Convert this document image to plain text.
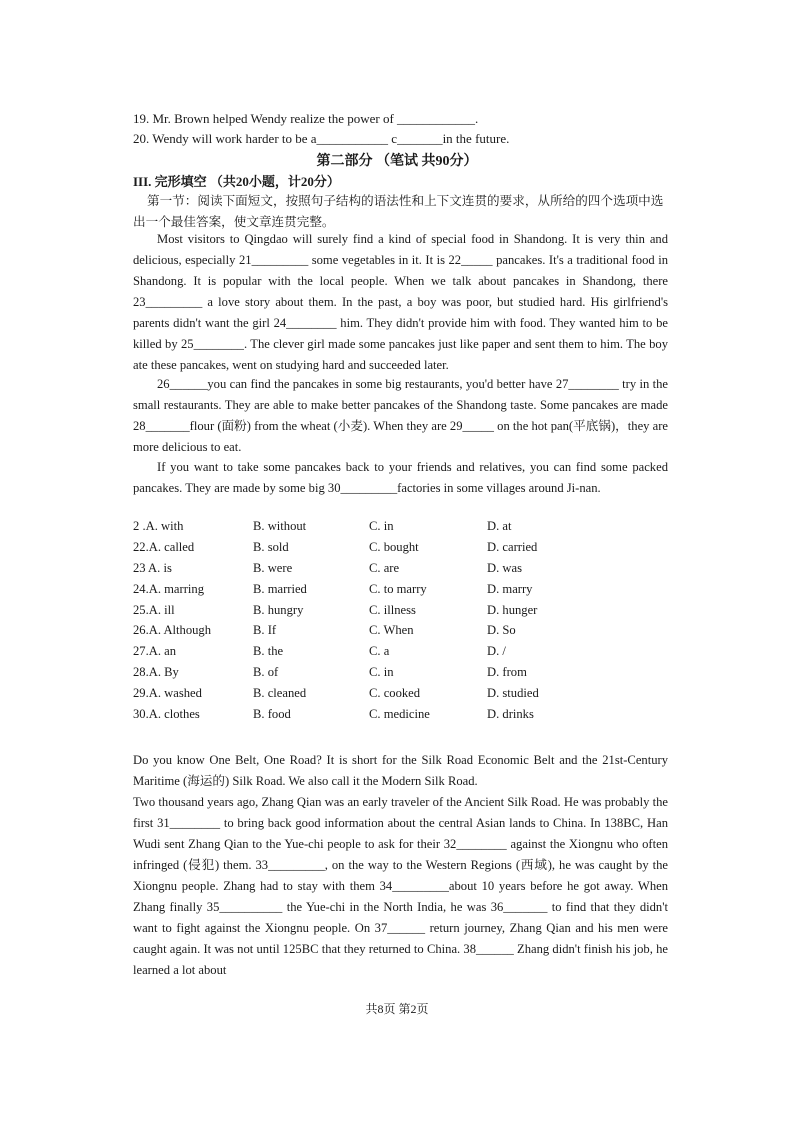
19. Mr. Brown helped Wendy realize the power of ____________.
20. Wendy will work harder to be a___________ c_______in the future.
第二部分 （笔试 共90分）
III. 完形填空 （共20小题，计20分）
第一节：阅读下面短文，按照句子结构的语法性和上下文连贯的要求，从所给的四个选项中选出一个最佳答案，使文章连贯完整。
Most visitors to Qingdao will surely find a kind of special food in Shandong. It is very thin and delicious, especially 21_________ some vegetables in it. It is 22_____ pancakes. It's a traditional food in Shandong. It is popular with the local people. When we talk about pancakes in Shandong, there 23_________ a love story about them. In the past, a boy was poor, but studied hard. His girlfriend's parents didn't want the girl 24________ him. They didn't provide him with food. They wanted him to be killed by 25________. The clever girl made some pancakes just like paper and sent them to him. The boy ate these pancakes, went on studying hard and succeeded later.
26______you can find the pancakes in some big restaurants, you'd better have 27________ try in the small restaurants. They are able to make better pancakes of the Shandong taste. Some pancakes are made 28_______flour (面粉) from the wheat (小麦). When they are 29_____ on the hot pan(平底锅)，they are more delicious to eat.
If you want to take some pancakes back to your friends and relatives, you can find some packed pancakes. They are made by some big 30_________factories in some villages around Ji-nan.
2 .A. with	B. without	C. in	D. at
22.A. called	B. sold	C. bought	D. carried
23 A. is	B. were	C. are	D. was
24.A. marring	B. married	C. to marry	D. marry
25.A. ill	B. hungry	C. illness	D. hunger
26.A. Although	B. If	C. When	D. So
27.A. an	B. the	C. a	D. /
28.A. By	B. of	C. in	D. from
29.A. washed	B. cleaned	C. cooked	D. studied
30.A. clothes	B. food	C. medicine	D. drinks
Do you know One Belt, One Road? It is short for the Silk Road Economic Belt and the 21st-Century Maritime (海运的) Silk Road. We also call it the Modern Silk Road.
Two thousand years ago, Zhang Qian was an early traveler of the Ancient Silk Road. He was probably the first 31________ to bring back good information about the central Asian lands to China. In 138BC, Han Wudi sent Zhang Qian to the Yue-chi people to ask for their 32________ against the Xiongnu who often infringed (侵犯) them. 33_________, on the way to the Western Regions (西域), he was caught by the Xiongnu people. Zhang had to stay with them 34_________about 10 years before he got away. When Zhang finally 35__________ the Yue-chi in the North India, he was 36_______ to find that they didn't want to fight against the Xiongnu people. On 37______ return journey, Zhang Qian and his men were caught again. It was not until 125BC that they returned to China. 38______ Zhang didn't finish his job, he learned a lot about
共8页 第2页
